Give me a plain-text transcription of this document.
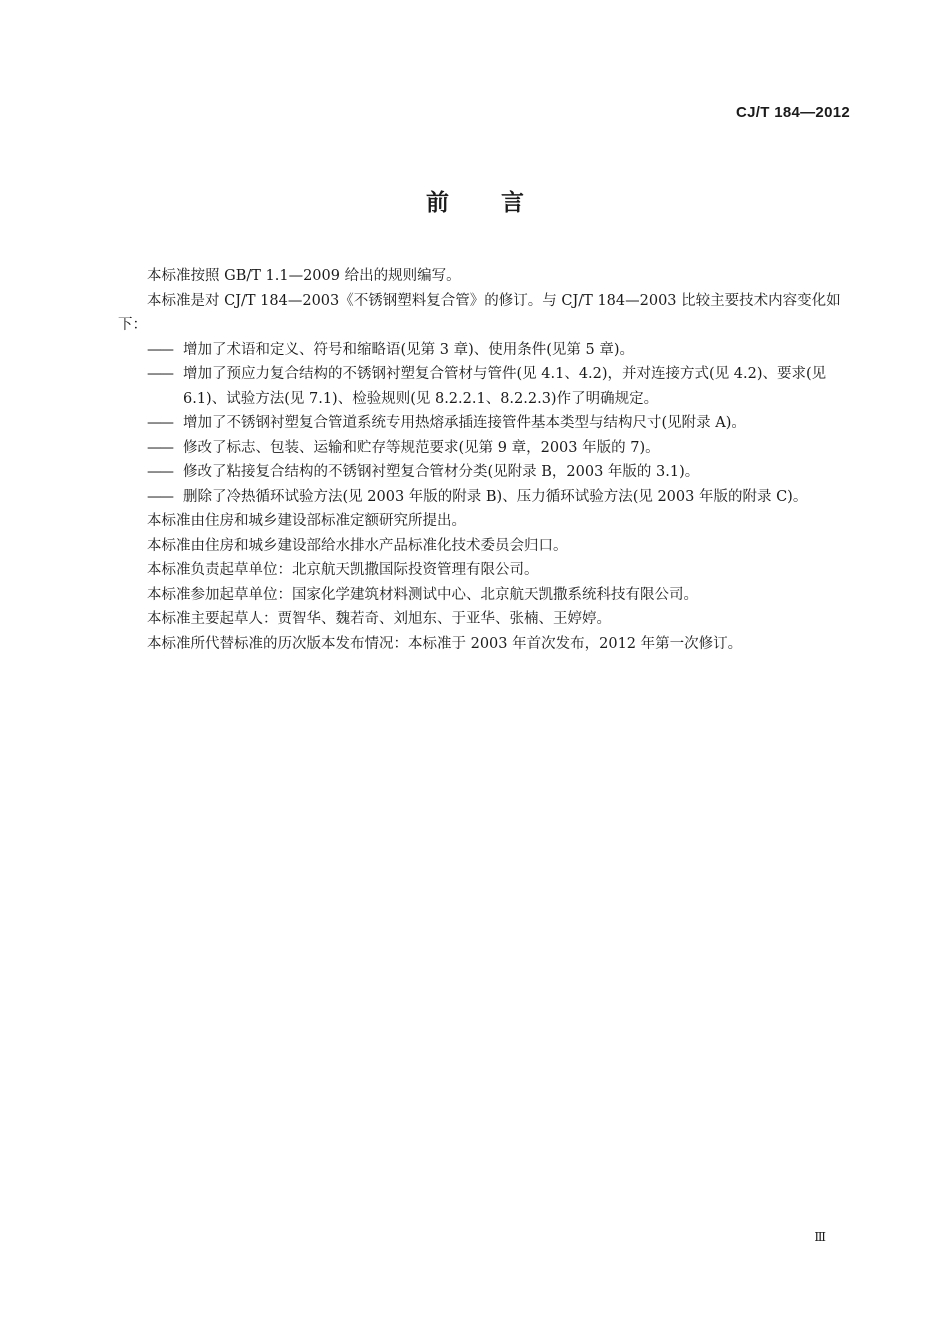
CJ/T 184—2012
前言

本标准按照 GB/T 1.1—2009 给出的规则编写。

本标准是对 CJ/T 184—2003《不锈钢塑料复合管》的修订。与 CJ/T 184—2003 比较主要技术内容变化如下：

—— 增加了术语和定义、符号和缩略语(见第 3 章)、使用条件(见第 5 章)。

—— 增加了预应力复合结构的不锈钢衬塑复合管材与管件(见 4.1、4.2)，并对连接方式(见 4.2)、要求(见 6.1)、试验方法(见 7.1)、检验规则(见 8.2.2.1、8.2.2.3)作了明确规定。

—— 增加了不锈钢衬塑复合管道系统专用热熔承插连接管件基本类型与结构尺寸(见附录 A)。

—— 修改了标志、包装、运输和贮存等规范要求(见第 9 章，2003 年版的 7)。

—— 修改了粘接复合结构的不锈钢衬塑复合管材分类(见附录 B，2003 年版的 3.1)。

—— 删除了冷热循环试验方法(见 2003 年版的附录 B)、压力循环试验方法(见 2003 年版的附录 C)。

本标准由住房和城乡建设部标准定额研究所提出。

本标准由住房和城乡建设部给水排水产品标准化技术委员会归口。

本标准负责起草单位：北京航天凯撒国际投资管理有限公司。

本标准参加起草单位：国家化学建筑材料测试中心、北京航天凯撒系统科技有限公司。

本标准主要起草人：贾智华、魏若奇、刘旭东、于亚华、张楠、王婷婷。

本标准所代替标准的历次版本发布情况：本标准于 2003 年首次发布，2012 年第一次修订。

Ⅲ
